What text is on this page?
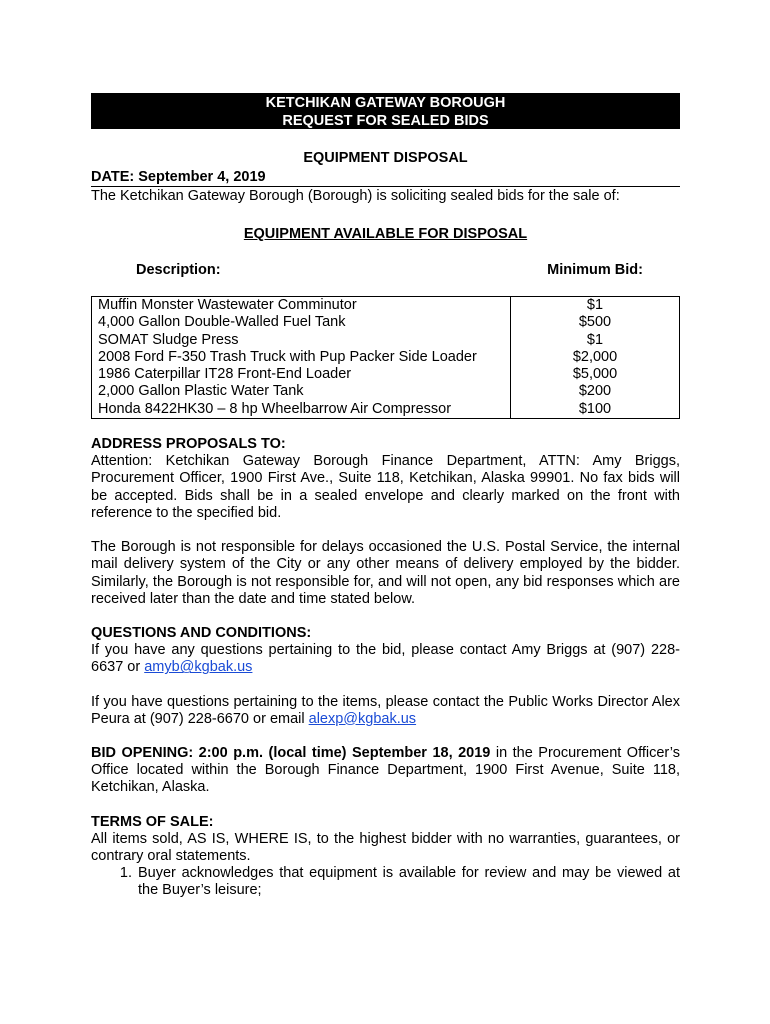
KETCHIKAN GATEWAY BOROUGH
REQUEST FOR SEALED BIDS
EQUIPMENT DISPOSAL
DATE: September 4, 2019
The Ketchikan Gateway Borough (Borough) is soliciting sealed bids for the sale of:
EQUIPMENT AVAILABLE FOR DISPOSAL
Description:	Minimum Bid:
Muffin Monster Wastewater Comminutor	$1
4,000 Gallon Double-Walled Fuel Tank	$500
SOMAT Sludge Press	$1
2008 Ford F-350 Trash Truck with Pup Packer Side Loader	$2,000
1986 Caterpillar IT28 Front-End Loader	$5,000
2,000 Gallon Plastic Water Tank	$200
Honda 8422HK30 – 8 hp Wheelbarrow Air Compressor	$100
ADDRESS PROPOSALS TO:
Attention: Ketchikan Gateway Borough Finance Department, ATTN: Amy Briggs, Procurement Officer, 1900 First Ave., Suite 118, Ketchikan, Alaska 99901. No fax bids will be accepted. Bids shall be in a sealed envelope and clearly marked on the front with reference to the specified bid.
The Borough is not responsible for delays occasioned the U.S. Postal Service, the internal mail delivery system of the City or any other means of delivery employed by the bidder. Similarly, the Borough is not responsible for, and will not open, any bid responses which are received later than the date and time stated below.
QUESTIONS AND CONDITIONS:
If you have any questions pertaining to the bid, please contact Amy Briggs at (907) 228-6637 or amyb@kgbak.us
If you have questions pertaining to the items, please contact the Public Works Director Alex Peura at (907) 228-6670 or email alexp@kgbak.us
BID OPENING: 2:00 p.m. (local time) September 18, 2019 in the Procurement Officer’s Office located within the Borough Finance Department, 1900 First Avenue, Suite 118, Ketchikan, Alaska.
TERMS OF SALE:
All items sold, AS IS, WHERE IS, to the highest bidder with no warranties, guarantees, or contrary oral statements.
1. Buyer acknowledges that equipment is available for review and may be viewed at the Buyer’s leisure;
